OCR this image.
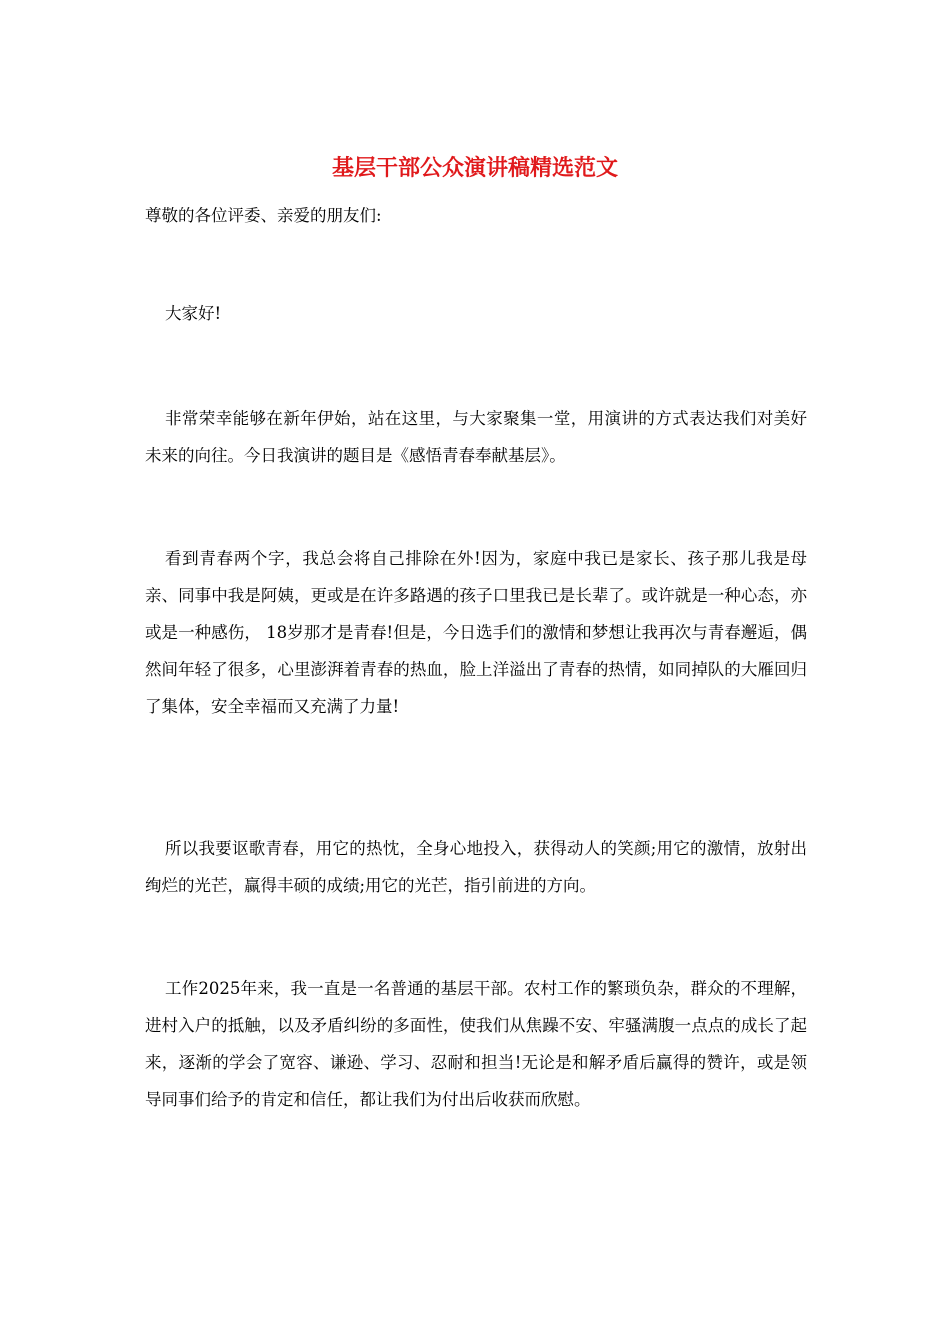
基层干部公众演讲稿精选范文

尊敬的各位评委、亲爱的朋友们:

大家好!

非常荣幸能够在新年伊始，站在这里，与大家聚集一堂，用演讲的方式表达我们对美好未来的向往。今日我演讲的题目是《感悟青春奉献基层》。

看到青春两个字，我总会将自己排除在外!因为，家庭中我已是家长、孩子那儿我是母亲、同事中我是阿姨，更或是在许多路遇的孩子口里我已是长辈了。或许就是一种心态，亦或是一种感伤， 18岁那才是青春!但是，今日选手们的激情和梦想让我再次与青春邂逅，偶然间年轻了很多，心里澎湃着青春的热血，脸上洋溢出了青春的热情，如同掉队的大雁回归了集体，安全幸福而又充满了力量!

所以我要讴歌青春，用它的热忱，全身心地投入，获得动人的笑颜;用它的激情，放射出绚烂的光芒，赢得丰硕的成绩;用它的光芒，指引前进的方向。

工作2025年来，我一直是一名普通的基层干部。农村工作的繁琐负杂，群众的不理解，进村入户的抵触，以及矛盾纠纷的多面性，使我们从焦躁不安、牢骚满腹一点点的成长了起来，逐渐的学会了宽容、谦逊、学习、忍耐和担当!无论是和解矛盾后赢得的赞许，或是领导同事们给予的肯定和信任，都让我们为付出后收获而欣慰。
